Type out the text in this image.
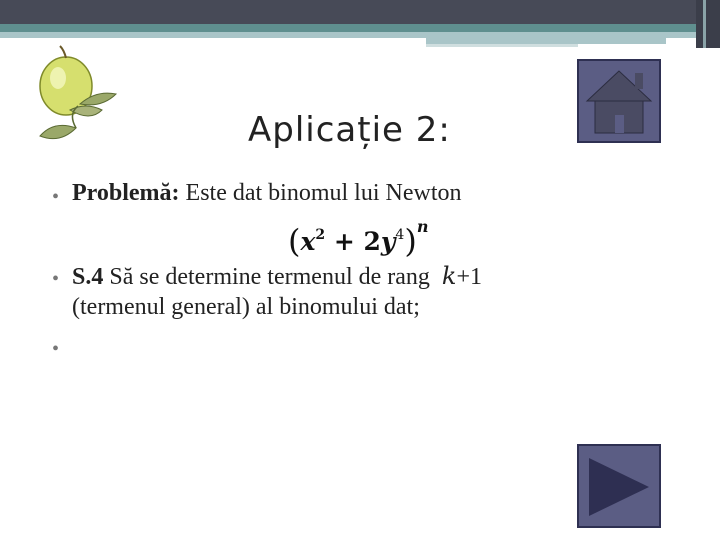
Aplicație 2:
• Problemă: Este dat binomul lui Newton
$(x^2 + 2y^4)^n$
• S.4 Să se determine termenul de rang k+1
(termenul general) al binomului dat;
•
